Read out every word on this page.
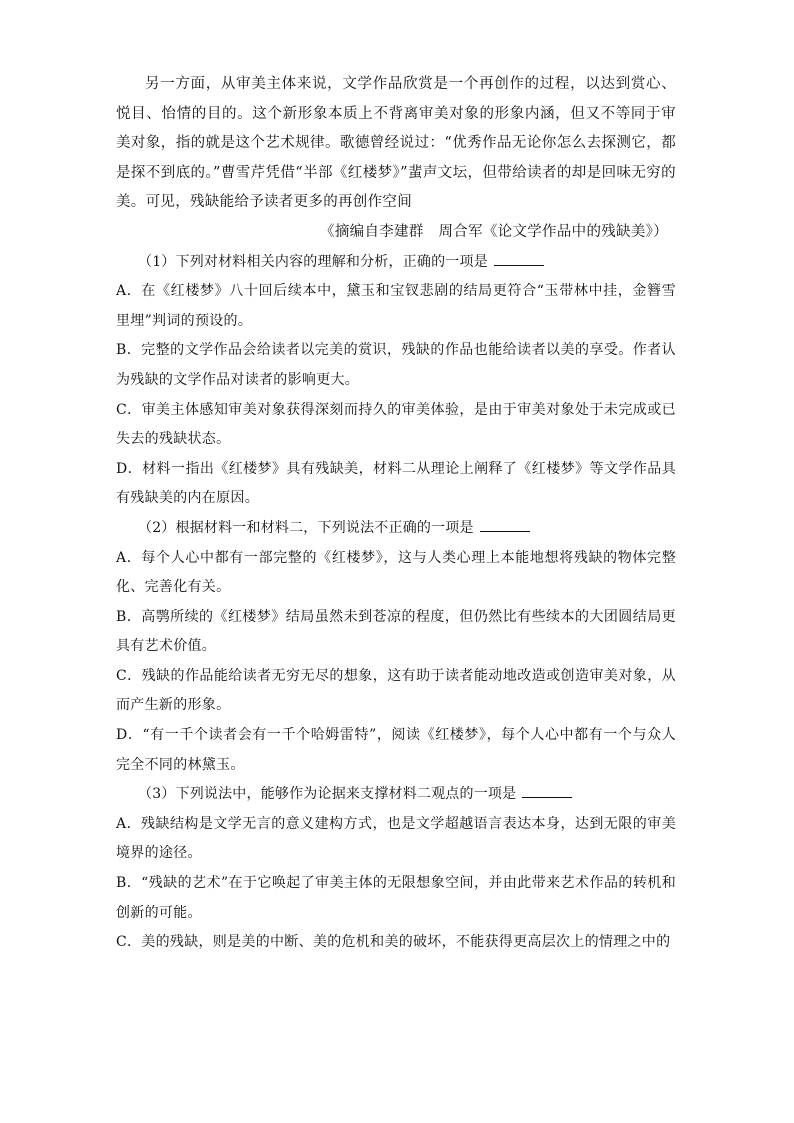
另一方面，从审美主体来说，文学作品欣赏是一个再创作的过程，以达到赏心、悦目、怡情的目的。这个新形象本质上不背离审美对象的形象内涵，但又不等同于审美对象，指的就是这个艺术规律。歌德曾经说过：“优秀作品无论你怎么去探测它，都是探不到底的。”曹雪芹凭借“半部《红楼梦》”蜚声文坛，但带给读者的却是回味无穷的美。可见，残缺能给予读者更多的再创作空间

《摘编自李建群　周合军《论文学作品中的残缺美》）

（1）下列对材料相关内容的理解和分析，正确的一项是

A．在《红楼梦》八十回后续本中，黛玉和宝钗悲剧的结局更符合“玉带林中挂，金簪雪里埋”判词的预设的。

B．完整的文学作品会给读者以完美的赏识，残缺的作品也能给读者以美的享受。作者认为残缺的文学作品对读者的影响更大。

C．审美主体感知审美对象获得深刻而持久的审美体验，是由于审美对象处于未完成或已失去的残缺状态。

D．材料一指出《红楼梦》具有残缺美，材料二从理论上阐释了《红楼梦》等文学作品具有残缺美的内在原因。

（2）根据材料一和材料二，下列说法不正确的一项是

A．每个人心中都有一部完整的《红楼梦》，这与人类心理上本能地想将残缺的物体完整化、完善化有关。

B．高鹗所续的《红楼梦》结局虽然未到苍凉的程度，但仍然比有些续本的大团圆结局更具有艺术价值。

C．残缺的作品能给读者无穷无尽的想象，这有助于读者能动地改造或创造审美对象，从而产生新的形象。

D．“有一千个读者会有一千个哈姆雷特”，阅读《红楼梦》，每个人心中都有一个与众人完全不同的林黛玉。

（3）下列说法中，能够作为论据来支撑材料二观点的一项是

A．残缺结构是文学无言的意义建构方式，也是文学超越语言表达本身，达到无限的审美境界的途径。

B．“残缺的艺术”在于它唤起了审美主体的无限想象空间，并由此带来艺术作品的转机和创新的可能。

C．美的残缺，则是美的中断、美的危机和美的破坏，不能获得更高层次上的情理之中的
